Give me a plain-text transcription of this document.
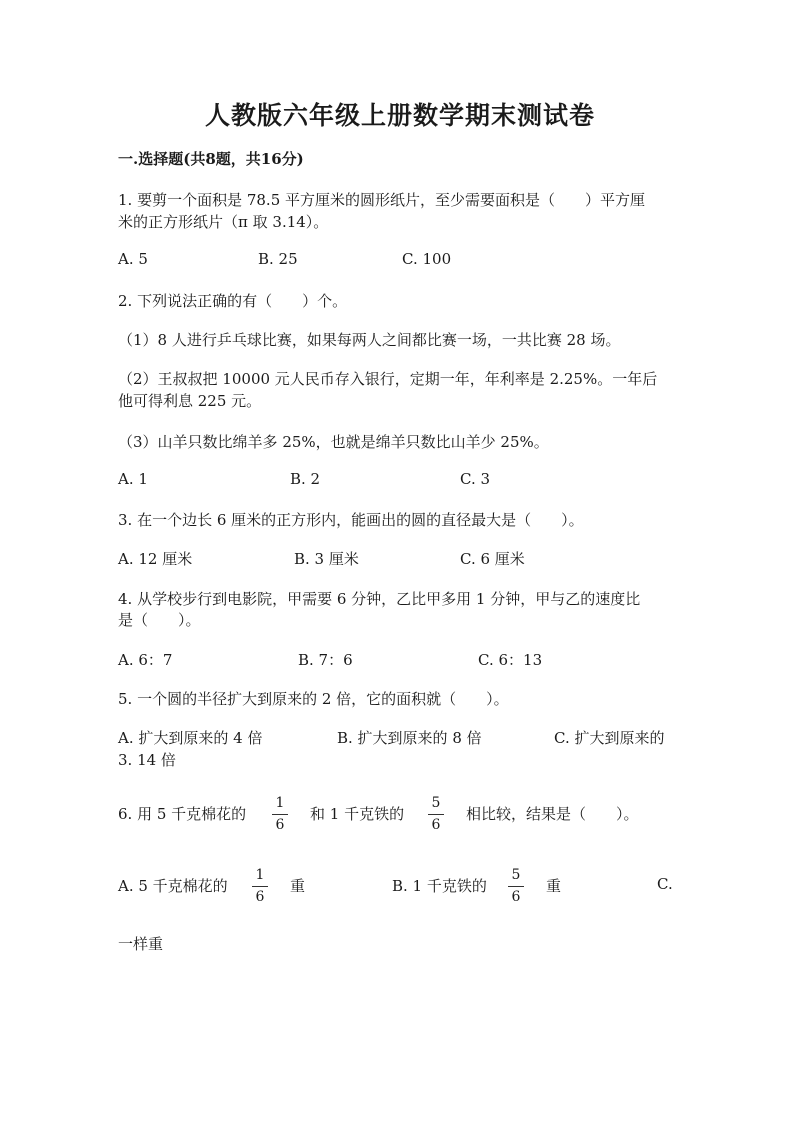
人教版六年级上册数学期末测试卷
一.选择题(共8题，共16分)
1. 要剪一个面积是 78.5 平方厘米的圆形纸片，至少需要面积是（　　）平方厘
米的正方形纸片（π 取 3.14）。
A. 5	B. 25	C. 100
2. 下列说法正确的有（　　）个。
（1）8 人进行乒乓球比赛，如果每两人之间都比赛一场，一共比赛 28 场。
（2）王叔叔把 10000 元人民币存入银行，定期一年，年利率是 2.25%。一年后
他可得利息 225 元。
（3）山羊只数比绵羊多 25%，也就是绵羊只数比山羊少 25%。
A. 1	B. 2	C. 3
3. 在一个边长 6 厘米的正方形内，能画出的圆的直径最大是（　　）。
A. 12 厘米	B. 3 厘米	C. 6 厘米
4. 从学校步行到电影院，甲需要 6 分钟，乙比甲多用 1 分钟，甲与乙的速度比
是（　　）。
A. 6：7	B. 7：6	C. 6：13
5. 一个圆的半径扩大到原来的 2 倍，它的面积就（　　）。
A. 扩大到原来的 4 倍	B. 扩大到原来的 8 倍	C. 扩大到原来的
3. 14 倍
6. 用 5 千克棉花的
1
6
和 1 千克铁的
5
6
相比较，结果是（　　）。
A. 5 千克棉花的
1
6
重	B. 1 千克铁的
5
6
重	C.
一样重
